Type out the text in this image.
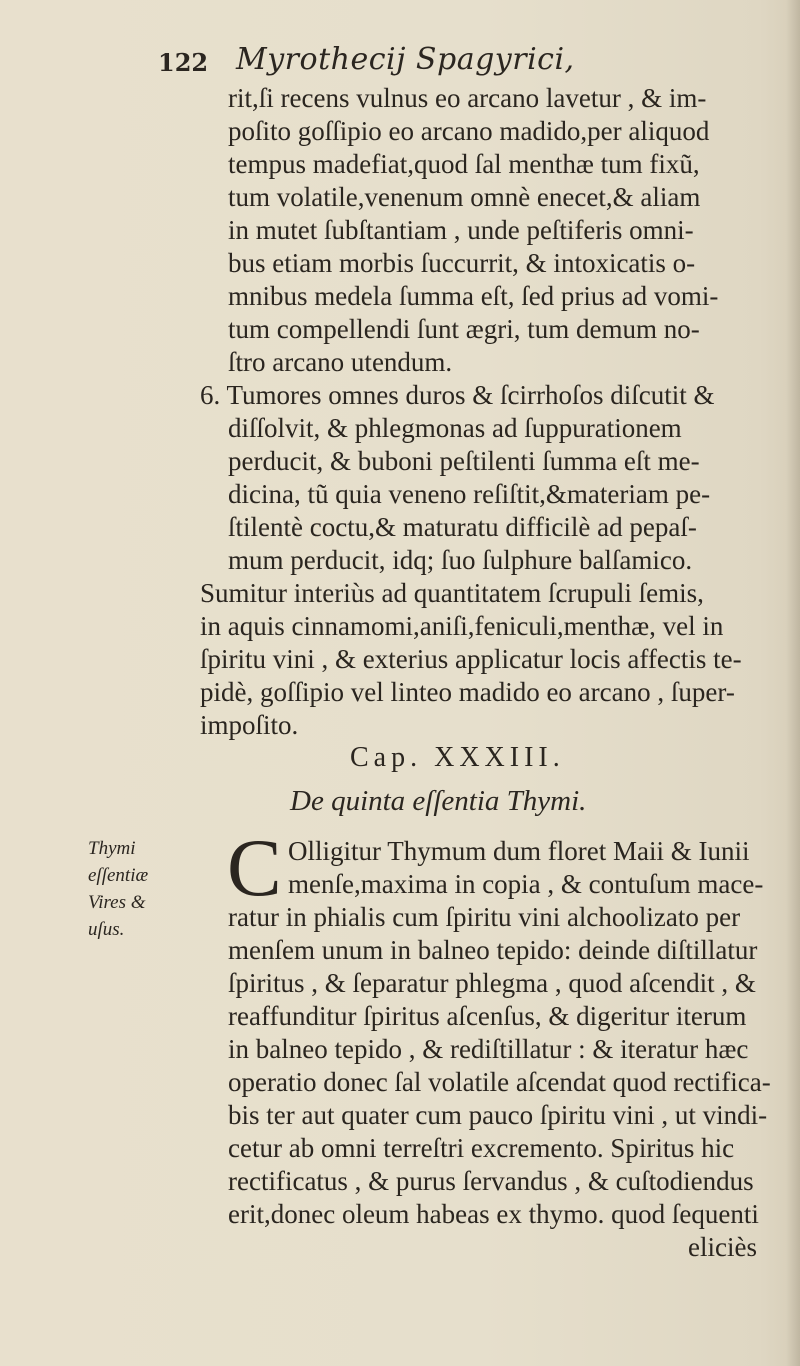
122 Myrothecij Spagyrici,
rit,ſi recens vulnus eo arcano lavetur , & im-
poſito goſſipio eo arcano madido,per aliquod
tempus madefiat,quod ſal menthæ tum fixũ,
tum volatile,venenum omnè enecet,& aliam
in mutet ſubſtantiam , unde peſtiferis omni-
bus etiam morbis ſuccurrit, & intoxicatis o-
mnibus medela ſumma eſt, ſed prius ad vomi-
tum compellendi ſunt ægri, tum demum no-
ſtro arcano utendum.
6. Tumores omnes duros & ſcirrhoſos diſcutit &
diſſolvit, & phlegmonas ad ſuppurationem
perducit, & buboni peſtilenti ſumma eſt me-
dicina, tũ quia veneno reſiſtit,&materiam pe-
ſtilentè coctu,& maturatu difficilè ad pepaſ-
mum perducit, idq; ſuo ſulphure balſamico.
Sumitur interiùs ad quantitatem ſcrupuli ſemis,
in aquis cinnamomi,aniſi,feniculi,menthæ, vel in
ſpiritu vini , & exterius applicatur locis affectis te-
pidè, goſſipio vel linteo madido eo arcano , ſuper-
impoſito.
Cap. XXXIII.
De quinta eſſentia Thymi.
Thymi
eſſentiæ
Vires &
uſus.
C Olligitur Thymum dum floret Maii & Iunii
menſe,maxima in copia , & contuſum mace-
ratur in phialis cum ſpiritu vini alchoolizato per
menſem unum in balneo tepido: deinde diſtillatur
ſpiritus , & ſeparatur phlegma , quod aſcendit , &
reaffunditur ſpiritus aſcenſus, & digeritur iterum
in balneo tepido , & rediſtillatur : & iteratur hæc
operatio donec ſal volatile aſcendat quod rectifica-
bis ter aut quater cum pauco ſpiritu vini , ut vindi-
cetur ab omni terreſtri excremento. Spiritus hic
rectificatus , & purus ſervandus , & cuſtodiendus
erit,donec oleum habeas ex thymo. quod ſequenti
eliciès
